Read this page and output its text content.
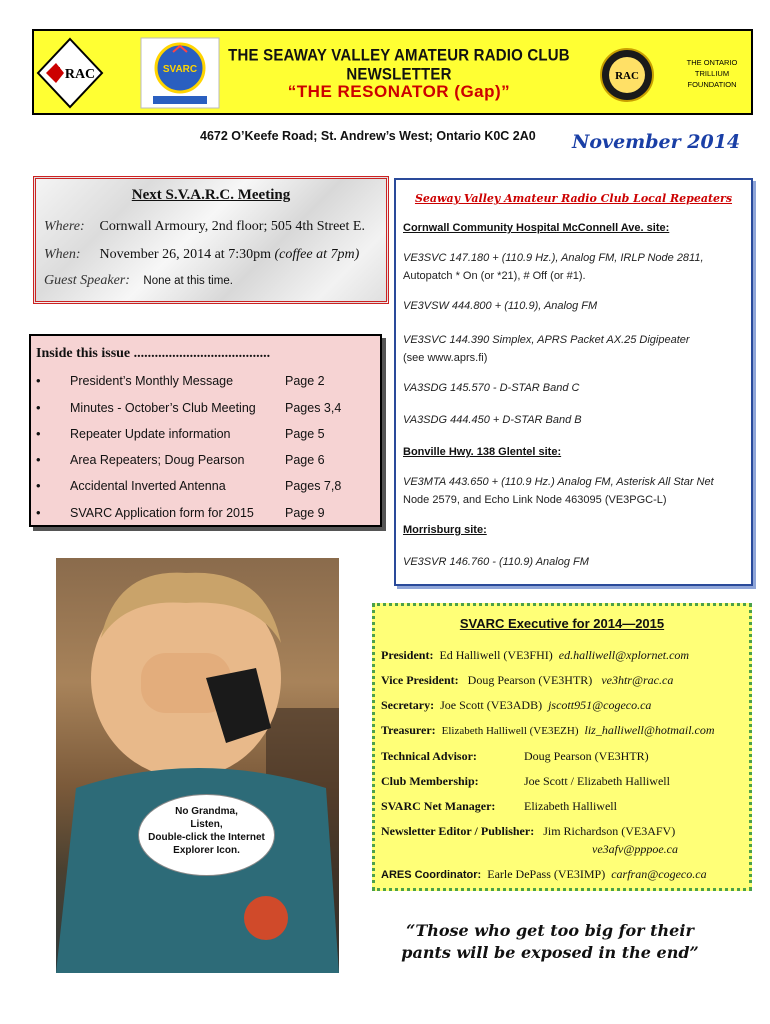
RAC	SVARC
THE SEAWAY VALLEY AMATEUR RADIO CLUB NEWSLETTER
“THE RESONATOR (Gap)”
RAC
THE ONTARIO
TRILLIUM
FOUNDATION
4672 O’Keefe Road; St. Andrew’s West; Ontario K0C 2A0 November 2014
Next S.V.A.R.C. Meeting
Where: Cornwall Armoury, 2nd floor; 505 4th Street E.
When: November 26, 2014 at 7:30pm (coffee at 7pm)
Guest Speaker: None at this time.
Inside this issue .......................................
• President’s Monthly Message	Page 2
• Minutes - October’s Club Meeting Pages 3,4
• Repeater Update information	Page 5
• Area Repeaters; Doug Pearson	Page 6
• Accidental Inverted Antenna	Pages 7,8
• SVARC Application form for 2015 Page 9
Seaway Valley Amateur Radio Club Local Repeaters
Cornwall Community Hospital McConnell Ave. site:
VE3SVC 147.180 + (110.9 Hz.), Analog FM, IRLP Node 2811,
Autopatch * On (or *21), # Off (or #1).
VE3VSW 444.800 + (110.9), Analog FM
VE3SVC 144.390 Simplex, APRS Packet AX.25 Digipeater
(see www.aprs.fi)
VA3SDG 145.570 - D-STAR Band C
VA3SDG 444.450 + D-STAR Band B
Bonville Hwy. 138 Glentel site:
VE3MTA 443.650 + (110.9 Hz.) Analog FM, Asterisk All Star Net
Node 2579, and Echo Link Node 463095 (VE3PGC-L)
Morrisburg site:
VE3SVR 146.760 - (110.9) Analog FM
No Grandma,
Listen,
Double-click the Internet
Explorer Icon.
SVARC Executive for 2014—2015
President: Ed Halliwell (VE3FHI) ed.halliwell@xplornet.com
Vice President: Doug Pearson (VE3HTR) ve3htr@rac.ca
Secretary: Joe Scott (VE3ADB) jscott951@cogeco.ca
Treasurer: Elizabeth Halliwell (VE3EZH) liz_halliwell@hotmail.com
Technical Advisor:	Doug Pearson (VE3HTR)
Club Membership:	Joe Scott / Elizabeth Halliwell
SVARC Net Manager: Elizabeth Halliwell
Newsletter Editor / Publisher: Jim Richardson (VE3AFV)
ve3afv@pppoe.ca
ARES Coordinator: Earle DePass (VE3IMP) carfran@cogeco.ca
“Those who get too big for their
pants will be exposed in the end”
